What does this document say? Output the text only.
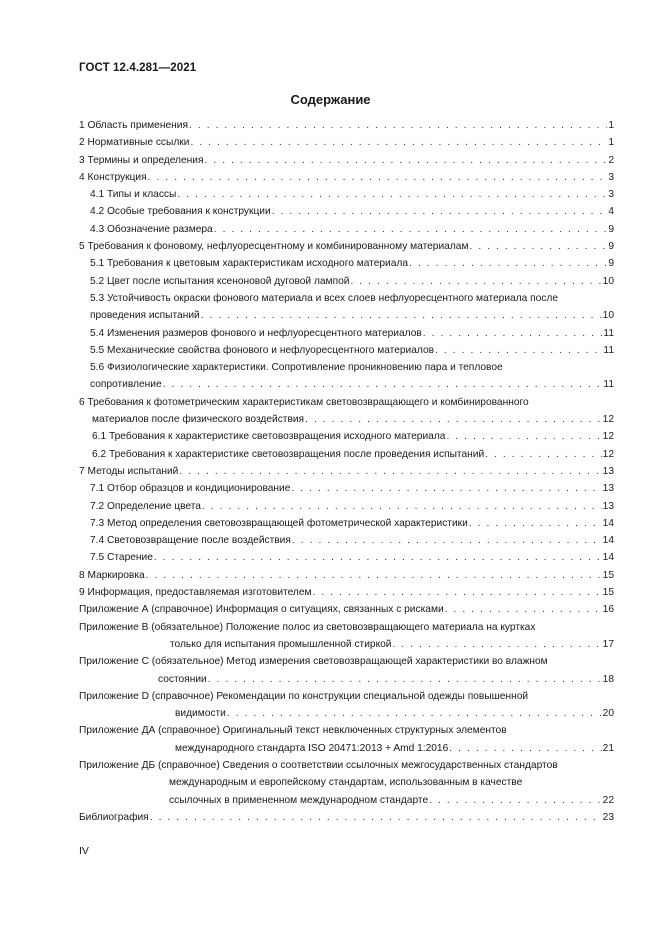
ГОСТ 12.4.281—2021
Содержание
1 Область применения . . .	1
2 Нормативные ссылки . . .	1
3 Термины и определения . . .	2
4 Конструкция . . .	3
4.1 Типы и классы . . .	3
4.2 Особые требования к конструкции . . .	4
4.3 Обозначение размера . . .	9
5 Требования к фоновому, нефлуоресцентному и комбинированному материалам . . .	9
5.1 Требования к цветовым характеристикам исходного материала . . .	9
5.2 Цвет после испытания ксеноновой дуговой лампой . . .	10
5.3 Устойчивость окраски фонового материала и всех слоев нефлуоресцентного материала после
проведения испытаний . . .	10
5.4 Изменения размеров фонового и нефлуоресцентного материалов . . .	11
5.5 Механические свойства фонового и нефлуоресцентного материалов . . .	11
5.6 Физиологические характеристики. Сопротивление проникновению пара и тепловое
сопротивление . . .	11
6 Требования к фотометрическим характеристикам световозвращающего и комбинированного
материалов после физического воздействия . . .	12
6.1 Требования к характеристике световозвращения исходного материала . . .	12
6.2 Требования к характеристике световозвращения после проведения испытаний . . .	12
7 Методы испытаний . . .	13
7.1 Отбор образцов и кондиционирование . . .	13
7.2 Определение цвета . . .	13
7.3 Метод определения световозвращающей фотометрической характеристики . . .	14
7.4 Световозвращение после воздействия . . .	14
7.5 Старение . . .	14
8 Маркировка . . .	15
9 Информация, предоставляемая изготовителем . . .	15
Приложение А (справочное) Информация о ситуациях, связанных с рисками . . .	16
Приложение В (обязательное) Положение полос из световозвращающего материала на куртках
только для испытания промышленной стиркой . . .	17
Приложение С (обязательное) Метод измерения световозвращающей характеристики во влажном
состоянии . . .	18
Приложение D (справочное) Рекомендации по конструкции специальной одежды повышенной
видимости . . .	20
Приложение ДА (справочное) Оригинальный текст невключенных структурных элементов
международного стандарта ISO 20471:2013 + Amd 1:2016 . . .	21
Приложение ДБ (справочное) Сведения о соответствии ссылочных межгосударственных стандартов
международным и европейскому стандартам, использованным в качестве
ссылочных в примененном международном стандарте . . .	22
Библиография . . .	23
IV
